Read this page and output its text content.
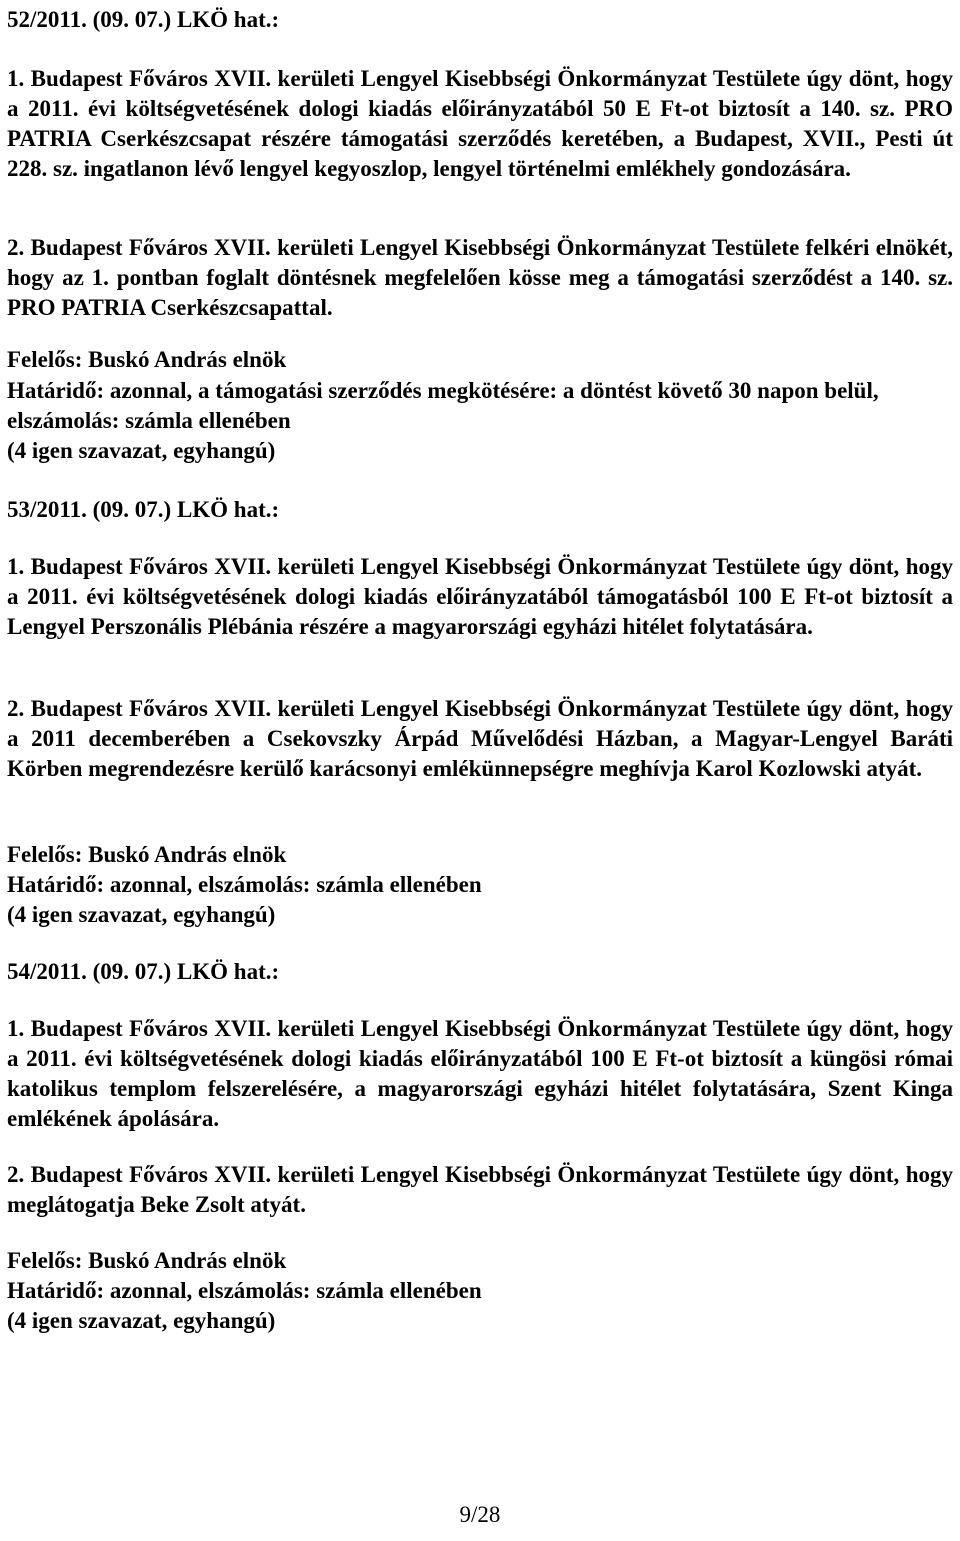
52/2011. (09. 07.) LKÖ hat.:

1. Budapest Főváros XVII. kerületi Lengyel Kisebbségi Önkormányzat Testülete úgy dönt, hogy a 2011. évi költségvetésének dologi kiadás előirányzatából 50 E Ft-ot biztosít a 140. sz. PRO PATRIA Cserkészcsapat részére támogatási szerződés keretében, a Budapest, XVII., Pesti út 228. sz. ingatlanon lévő lengyel kegyoszlop, lengyel történelmi emlékhely gondozására.

2. Budapest Főváros XVII. kerületi Lengyel Kisebbségi Önkormányzat Testülete felkéri elnökét, hogy az 1. pontban foglalt döntésnek megfelelően kösse meg a támogatási szerződést a 140. sz. PRO PATRIA Cserkészcsapattal.

Felelős: Buskó András elnök

Határidő: azonnal, a támogatási szerződés megkötésére: a döntést követő 30 napon belül, elszámolás: számla ellenében

(4 igen szavazat, egyhangú)

53/2011. (09. 07.) LKÖ hat.:

1. Budapest Főváros XVII. kerületi Lengyel Kisebbségi Önkormányzat Testülete úgy dönt, hogy a 2011. évi költségvetésének dologi kiadás előirányzatából támogatásból 100 E Ft-ot biztosít a Lengyel Perszonális Plébánia részére a magyarországi egyházi hitélet folytatására.

2. Budapest Főváros XVII. kerületi Lengyel Kisebbségi Önkormányzat Testülete úgy dönt, hogy a 2011 decemberében a Csekovszky Árpád Művelődési Házban, a Magyar-Lengyel Baráti Körben megrendezésre kerülő karácsonyi emlékünnepségre meghívja Karol Kozlowski atyát.

Felelős: Buskó András elnök

Határidő: azonnal, elszámolás: számla ellenében

(4 igen szavazat, egyhangú)

54/2011. (09. 07.) LKÖ hat.:

1. Budapest Főváros XVII. kerületi Lengyel Kisebbségi Önkormányzat Testülete úgy dönt, hogy a 2011. évi költségvetésének dologi kiadás előirányzatából 100 E Ft-ot biztosít a küngösi római katolikus templom felszerelésére, a magyarországi egyházi hitélet folytatására, Szent Kinga emlékének ápolására.

2. Budapest Főváros XVII. kerületi Lengyel Kisebbségi Önkormányzat Testülete úgy dönt, hogy meglátogatja Beke Zsolt atyát.

Felelős: Buskó András elnök

Határidő: azonnal, elszámolás: számla ellenében

(4 igen szavazat, egyhangú)

9/28
